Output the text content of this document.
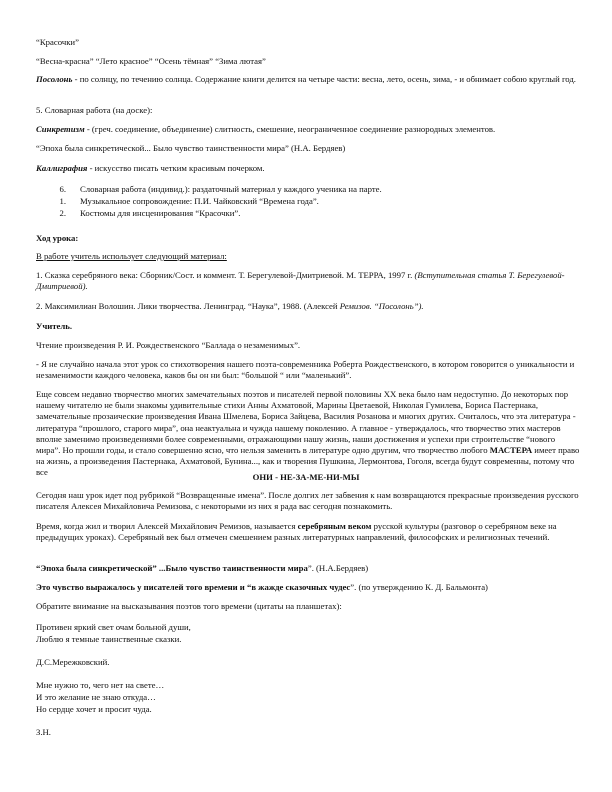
“Красочки”

“Весна-красна” “Лето красное” “Осень тёмная” “Зима лютая”

Посолонь - по солнцу, по течению солнца. Содержание книги делится на четыре части: весна, лето, осень, зима, - и обнимает собою круглый год.

5. Словарная работа (на доске):

Синкретизм - (греч. соединение, объединение) слитность, смешение, неограниченное соединение разнородных элементов.

“Эпоха была синкретической... Было чувство таинственности мира” (Н.А. Бердяев)

Каллиграфия - искусство писать четким красивым почерком.

6. Словарная работа (индивид.): раздаточный материал у каждого ученика на парте.

1. Музыкальное сопровождение: П.И. Чайковский “Времена года”.

2. Костюмы для инсценирования “Красочки”.

Ход урока:

В работе учитель использует следующий материал:

1. Сказка серебряного века: Сборник/Сост. и коммент. Т. Берегулевой-Дмитриевой. М. ТЕРРА, 1997 г. (Вступительная статья Т. Берегулевой-Дмитриевой).

2. Максимилиан Волошин. Лики творчества. Ленинград. “Наука”, 1988. (Алексей Ремизов. “Посолонь”).

Учитель.

Чтение произведения Р. И. Рождественского “Баллада о незаменимых”.

- Я не случайно начала этот урок со стихотворения нашего поэта-современника Роберта Рождественского, в котором говорится о уникальности и незаменимости каждого человека, каков бы он ни был: “большой “ или “маленький”.

Еще совсем недавно творчество многих замечательных поэтов и писателей первой половины XX века было нам недоступно. До некоторых пор нашему читателю не были знакомы удивительные стихи Анны Ахматовой, Марины Цветаевой, Николая Гумилева, Бориса Пастернака, замечательные прозаические произведения Ивана Шмелева, Бориса Зайцева, Василия Розанова и многих других. Считалось, что эта литература - литература “прошлого, старого мира”, она неактуальна и чужда нашему поколению. А главное - утверждалось, что творчество этих мастеров вполне заменимо произведениями более современными, отражающими нашу жизнь, наши достижения и успехи при строительстве “нового мира”. Но прошли годы, и стало совершенно ясно, что нельзя заменить в литературе одно другим, что творчество любого МАСТЕРА имеет право на жизнь, а произведения Пастернака, Ахматовой, Бунина..., как и творения Пушкина, Лермонтова, Гоголя, всегда будут современны, потому что все	ОНИ - НЕ-ЗА-МЕ-НИ-МЫ

Сегодня наш урок идет под рубрикой “Возвращенные имена”. После долгих лет забвения к нам возвращаются прекрасные произведения русского писателя Алексея Михайловича Ремизова, с некоторыми из них я рада вас сегодня познакомить.

Время, когда жил и творил Алексей Михайлович Ремизов, называется серебряным веком русской культуры (разговор о серебряном веке на предыдущих уроках). Серебряный век был отмечен смешением разных литературных направлений, философских и религиозных течений.

“Эпоха была синкретической” ...Было чувство таинственности мира”. (Н.А.Бердяев)

Это чувство выражалось у писателей того времени и “в жажде сказочных чудес”. (по утверждению К. Д. Бальмонта)

Обратите внимание на высказывания поэтов того времени (цитаты на планшетах):

Противен яркий свет очам больной души,

Люблю я темные таинственные сказки.

Д.С.Мережковский.

Мне нужно то, чего нет на свете…

И это желание не знаю откуда…

Но сердце хочет и просит чуда.

З.Н.
